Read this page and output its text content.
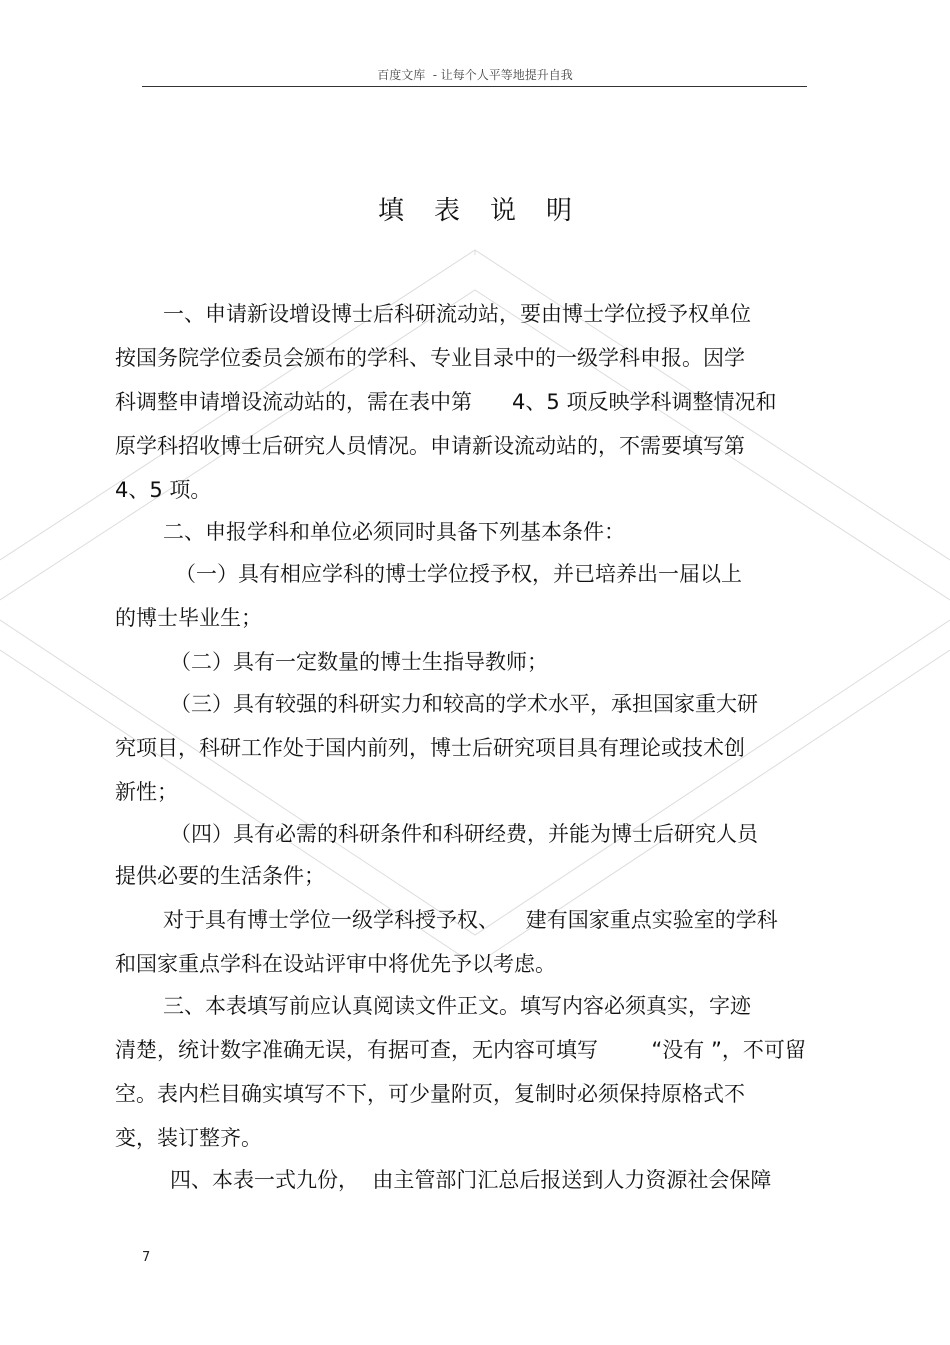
百度文库  - 让每个人平等地提升自我
填表说明
一、申请新设增设博士后科研流动站，要由博士学位授予权单位
按国务院学位委员会颁布的学科、专业目录中的一级学科申报。因学
科调整申请增设流动站的，需在表中第      4、5 项反映学科调整情况和
原学科招收博士后研究人员情况。申请新设流动站的，不需要填写第
4、5 项。
二、申报学科和单位必须同时具备下列基本条件：
（一）具有相应学科的博士学位授予权，并已培养出一届以上
的博士毕业生；
（二）具有一定数量的博士生指导教师；
（三）具有较强的科研实力和较高的学术水平，承担国家重大研
究项目，科研工作处于国内前列，博士后研究项目具有理论或技术创
新性；
（四）具有必需的科研条件和科研经费，并能为博士后研究人员
提供必要的生活条件；
对于具有博士学位一级学科授予权、    建有国家重点实验室的学科
和国家重点学科在设站评审中将优先予以考虑。
三、本表填写前应认真阅读文件正文。填写内容必须真实，字迹
清楚，统计数字准确无误，有据可查，无内容可填写        “没有 ”，不可留
空。表内栏目确实填写不下，可少量附页，复制时必须保持原格式不
变，装订整齐。
四、本表一式九份，  由主管部门汇总后报送到人力资源社会保障
7
